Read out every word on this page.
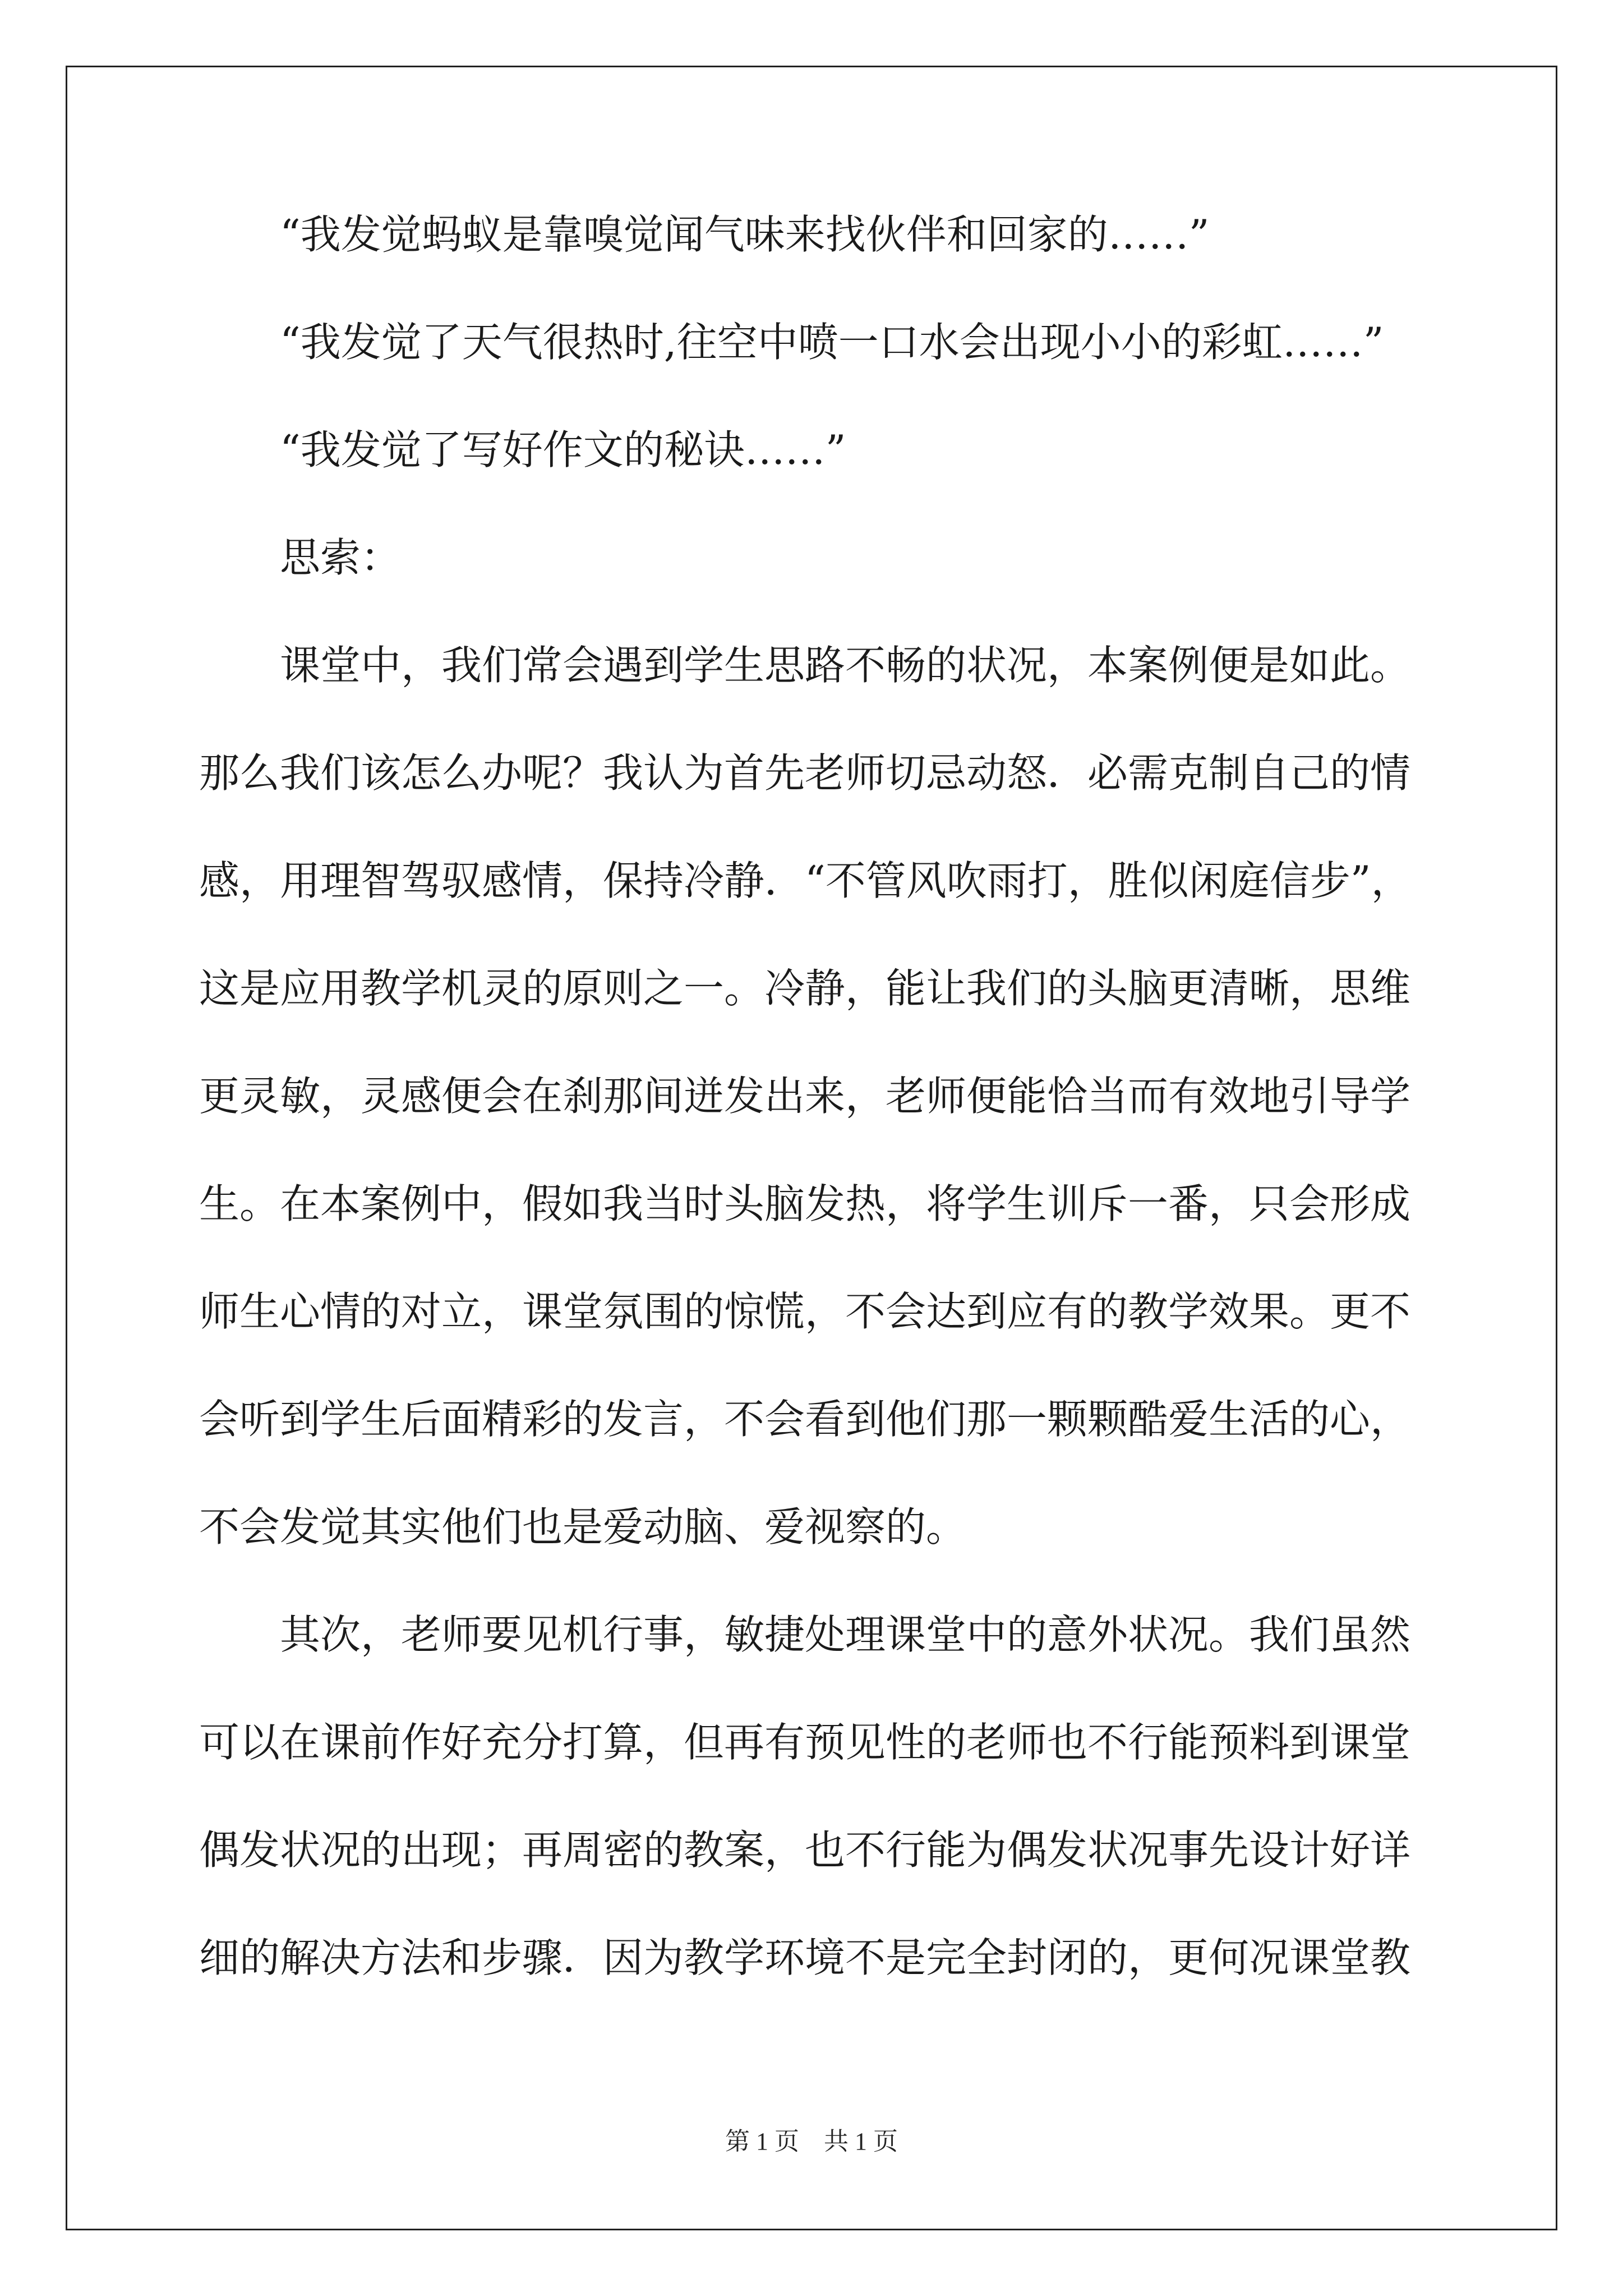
“我发觉蚂蚁是靠嗅觉闻气味来找伙伴和回家的……”
“我发觉了天气很热时,往空中喷一口水会出现小小的彩虹……”
“我发觉了写好作文的秘诀……”
思索：
课堂中，我们常会遇到学生思路不畅的状况，本案例便是如此。
那么我们该怎么办呢？我认为首先老师切忌动怒．必需克制自己的情
感，用理智驾驭感情，保持冷静．“不管风吹雨打，胜似闲庭信步”，
这是应用教学机灵的原则之一。冷静，能让我们的头脑更清晰，思维
更灵敏，灵感便会在刹那间迸发出来，老师便能恰当而有效地引导学
生。在本案例中，假如我当时头脑发热，将学生训斥一番，只会形成
师生心情的对立，课堂氛围的惊慌，不会达到应有的教学效果。更不
会听到学生后面精彩的发言，不会看到他们那一颗颗酷爱生活的心，
不会发觉其实他们也是爱动脑、爱视察的。
其次，老师要见机行事，敏捷处理课堂中的意外状况。我们虽然
可以在课前作好充分打算，但再有预见性的老师也不行能预料到课堂
偶发状况的出现；再周密的教案，也不行能为偶发状况事先设计好详
细的解决方法和步骤．因为教学环境不是完全封闭的，更何况课堂教
第 1 页　共 1 页
